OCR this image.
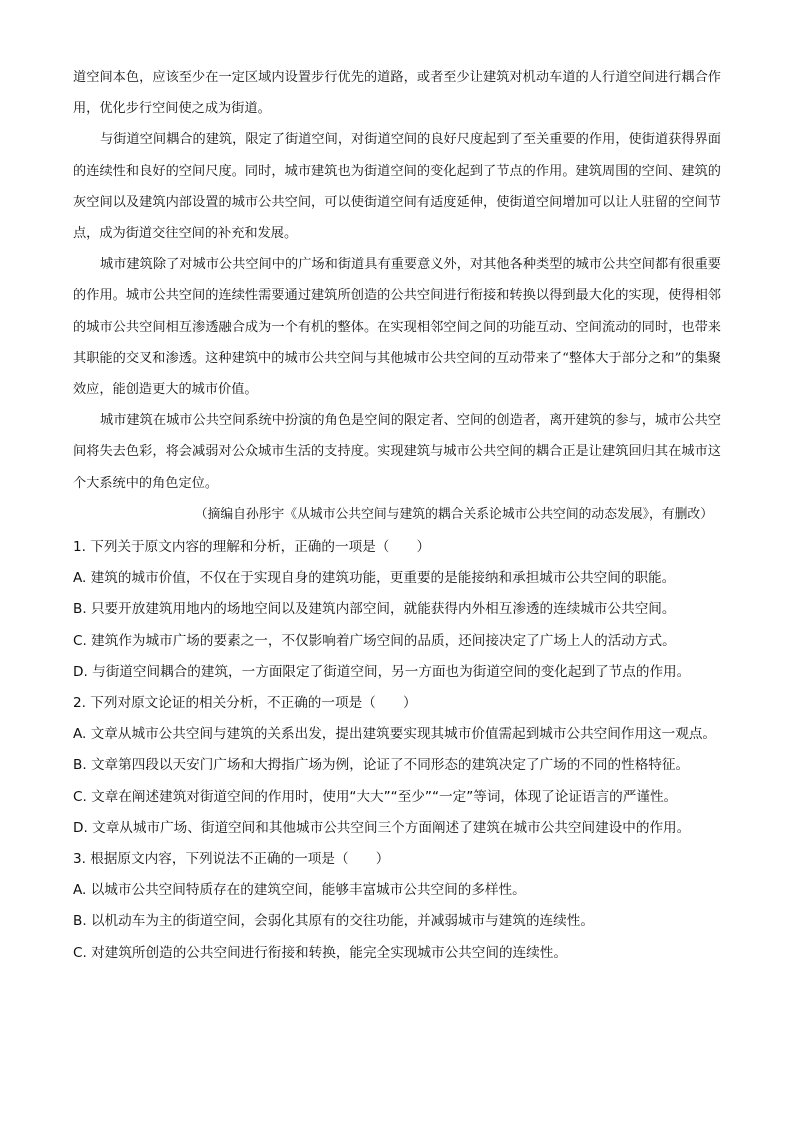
道空间本色，应该至少在一定区域内设置步行优先的道路，或者至少让建筑对机动车道的人行道空间进行耦合作用，优化步行空间使之成为街道。

与街道空间耦合的建筑，限定了街道空间，对街道空间的良好尺度起到了至关重要的作用，使街道获得界面的连续性和良好的空间尺度。同时，城市建筑也为街道空间的变化起到了节点的作用。建筑周围的空间、建筑的灰空间以及建筑内部设置的城市公共空间，可以使街道空间有适度延伸，使街道空间增加可以让人驻留的空间节点，成为街道交往空间的补充和发展。

城市建筑除了对城市公共空间中的广场和街道具有重要意义外，对其他各种类型的城市公共空间都有很重要的作用。城市公共空间的连续性需要通过建筑所创造的公共空间进行衔接和转换以得到最大化的实现，使得相邻的城市公共空间相互渗透融合成为一个有机的整体。在实现相邻空间之间的功能互动、空间流动的同时，也带来其职能的交叉和渗透。这种建筑中的城市公共空间与其他城市公共空间的互动带来了“整体大于部分之和”的集聚效应，能创造更大的城市价值。

城市建筑在城市公共空间系统中扮演的角色是空间的限定者、空间的创造者，离开建筑的参与，城市公共空间将失去色彩，将会减弱对公众城市生活的支持度。实现建筑与城市公共空间的耦合正是让建筑回归其在城市这个大系统中的角色定位。

（摘编自孙彤宇《从城市公共空间与建筑的耦合关系论城市公共空间的动态发展》，有删改）

1. 下列关于原文内容的理解和分析，正确的一项是（　　）

A. 建筑的城市价值，不仅在于实现自身的建筑功能，更重要的是能接纳和承担城市公共空间的职能。

B. 只要开放建筑用地内的场地空间以及建筑内部空间，就能获得内外相互渗透的连续城市公共空间。

C. 建筑作为城市广场的要素之一，不仅影响着广场空间的品质，还间接决定了广场上人的活动方式。

D. 与街道空间耦合的建筑，一方面限定了街道空间，另一方面也为街道空间的变化起到了节点的作用。

2. 下列对原文论证的相关分析，不正确的一项是（　　）

A. 文章从城市公共空间与建筑的关系出发，提出建筑要实现其城市价值需起到城市公共空间作用这一观点。

B. 文章第四段以天安门广场和大拇指广场为例，论证了不同形态的建筑决定了广场的不同的性格特征。

C. 文章在阐述建筑对街道空间的作用时，使用“大大”“至少”“一定”等词，体现了论证语言的严谨性。

D. 文章从城市广场、街道空间和其他城市公共空间三个方面阐述了建筑在城市公共空间建设中的作用。

3. 根据原文内容，下列说法不正确的一项是（　　）

A. 以城市公共空间特质存在的建筑空间，能够丰富城市公共空间的多样性。

B. 以机动车为主的街道空间，会弱化其原有的交往功能，并减弱城市与建筑的连续性。

C. 对建筑所创造的公共空间进行衔接和转换，能完全实现城市公共空间的连续性。
